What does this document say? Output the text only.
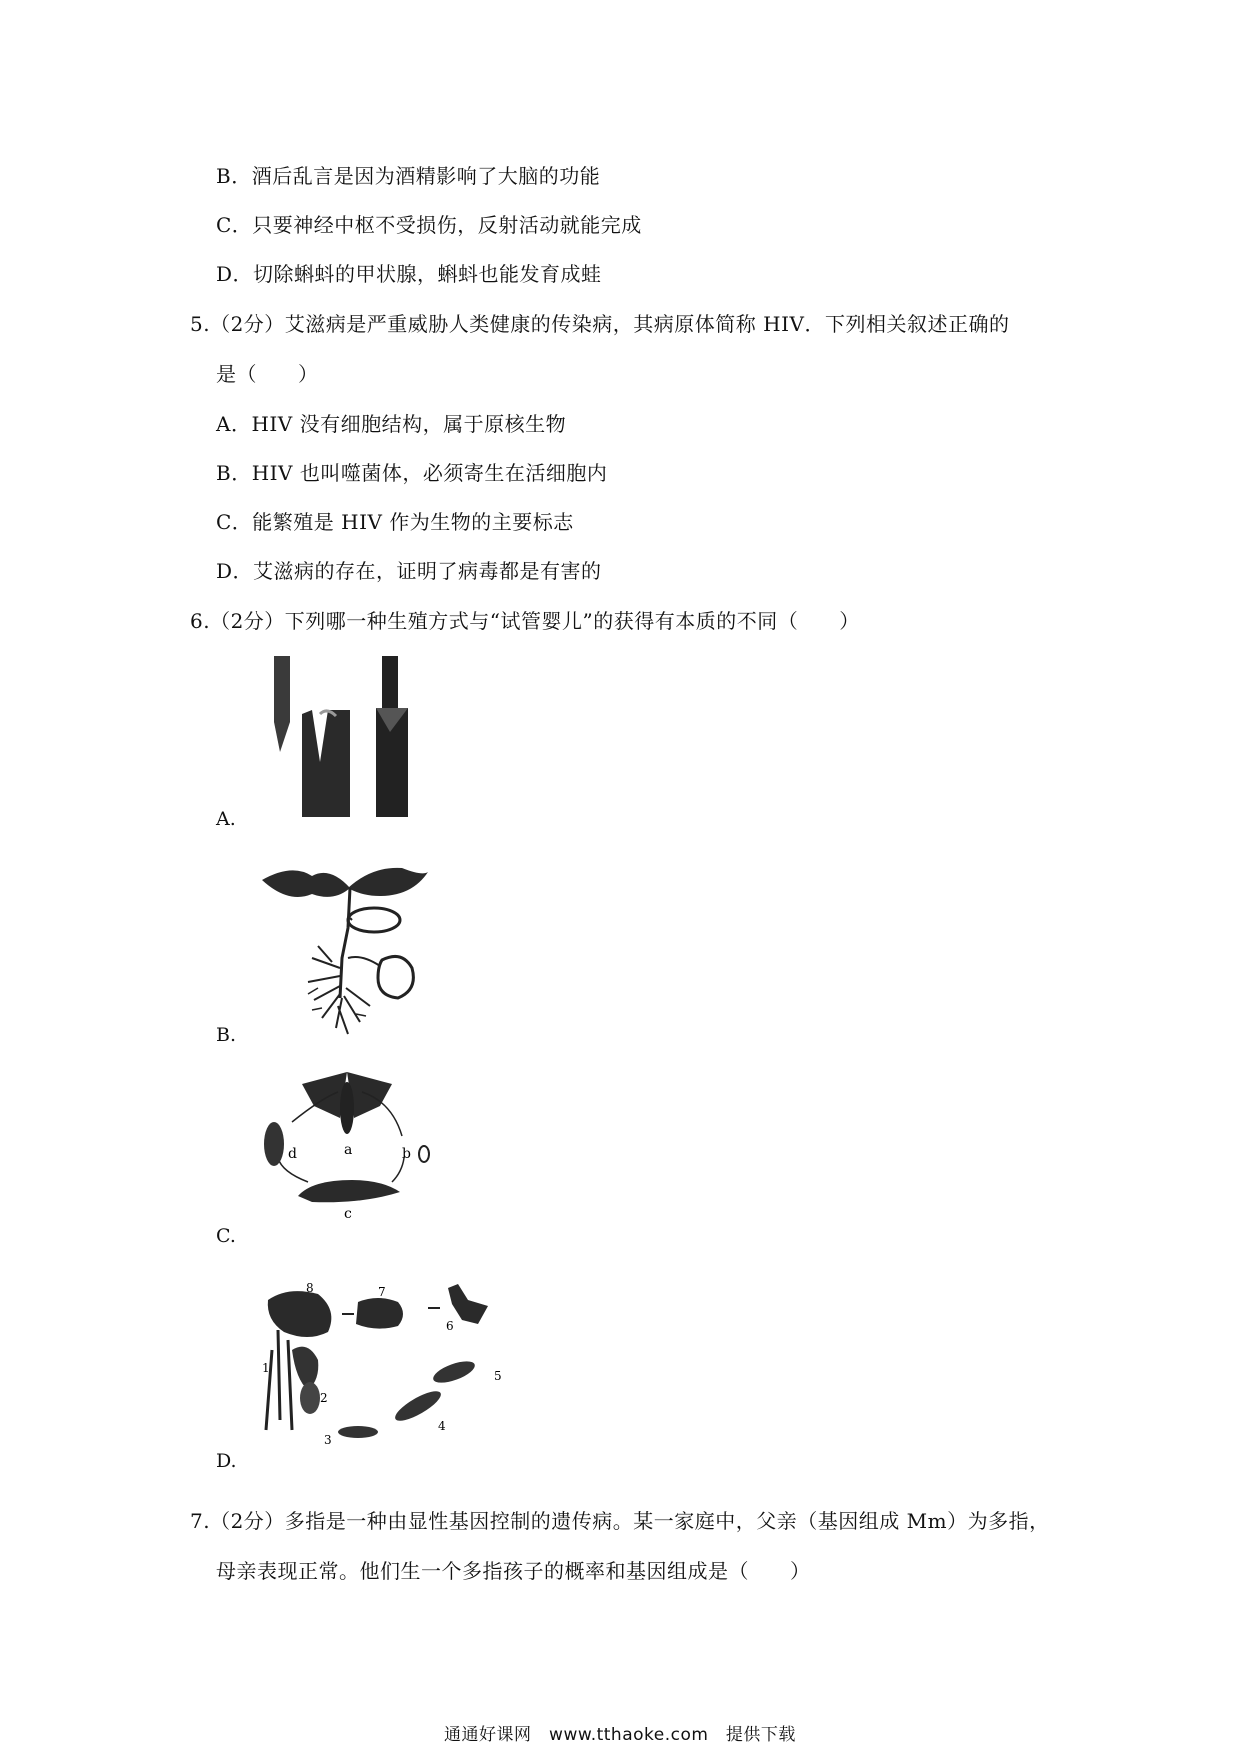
B．酒后乱言是因为酒精影响了大脑的功能
C．只要神经中枢不受损伤，反射活动就能完成
D．切除蝌蚪的甲状腺，蝌蚪也能发育成蛙
5.（2分）艾滋病是严重威胁人类健康的传染病，其病原体简称 HIV．下列相关叙述正确的
是（　　）
A．HIV 没有细胞结构，属于原核生物
B．HIV 也叫噬菌体，必须寄生在活细胞内
C．能繁殖是 HIV 作为生物的主要标志
D．艾滋病的存在，证明了病毒都是有害的
6.（2分）下列哪一种生殖方式与“试管婴儿”的获得有本质的不同（　　）
A.
B.
d	a	b
c
C.
1
2
3
4
5
6
7
8
D.
7.（2分）多指是一种由显性基因控制的遗传病。某一家庭中，父亲（基因组成 Mm）为多指，
母亲表现正常。他们生一个多指孩子的概率和基因组成是（　　）
通通好课网　www.tthaoke.com　提供下载
